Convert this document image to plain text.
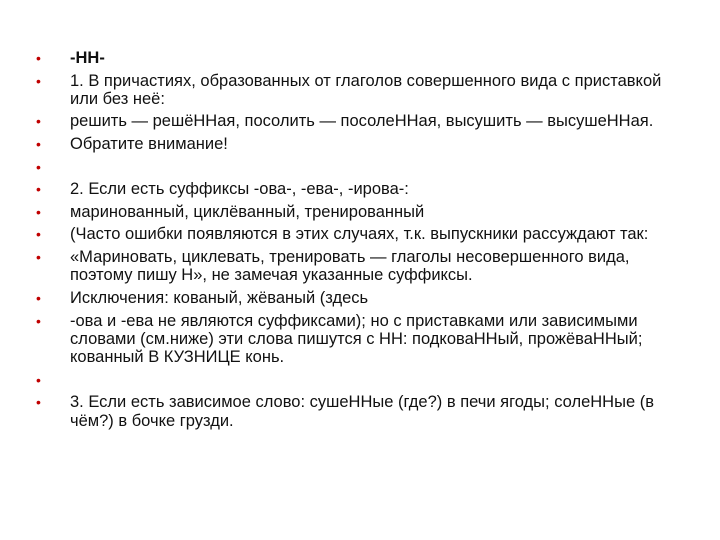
•	-НН-
•	1. В причастиях, образованных от глаголов совершенного вида с приставкой или без неё:
•	решить — решёННая, посолить — посолеННая, высушить — высушеННая.
•	Обратите внимание!
•
•	2. Если есть суффиксы -ова-, -ева-, -ирова-:
•	маринованный, циклёванный, тренированный
•	(Часто ошибки появляются в этих случаях, т.к. выпускники рассуждают так:
•	«Мариновать, циклевать, тренировать — глаголы несовершенного вида, поэтому пишу Н», не замечая указанные суффиксы.
•	Исключения: кованый, жёваный (здесь
•	-ова и -ева не являются суффиксами); но с приставками или зависимыми словами (см.ниже) эти слова пишутся с НН: подковаННый, прожёваННый; кованный В КУЗНИЦЕ конь.
•
•	3. Если есть зависимое слово: сушеННые (где?) в печи ягоды; солеННые (в чём?) в бочке грузди.
